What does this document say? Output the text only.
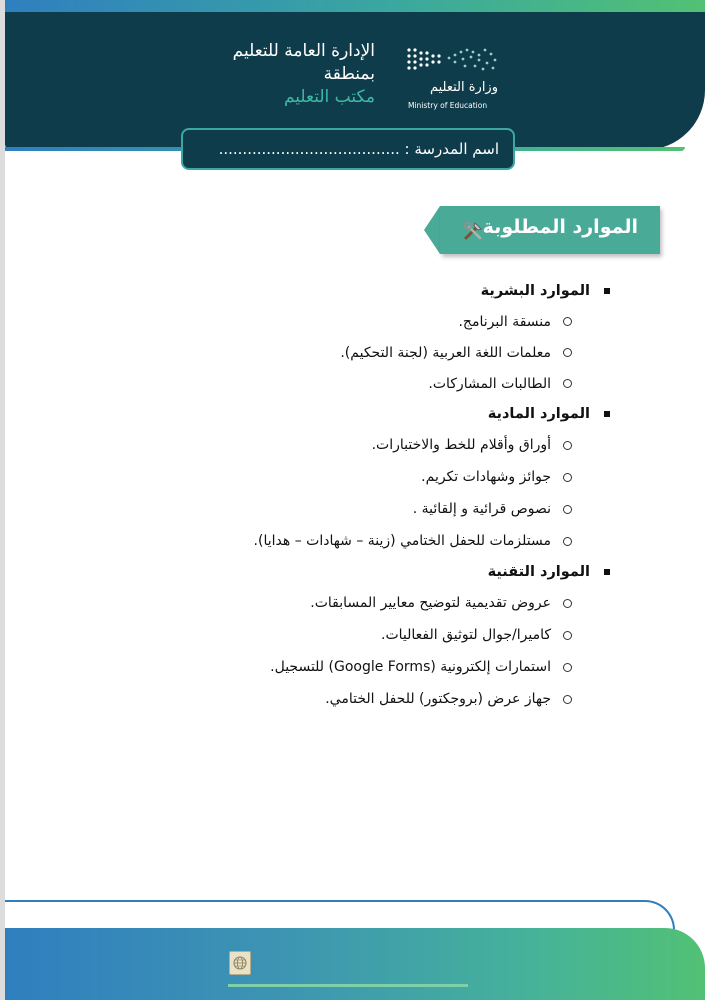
وزارة التعليم
Ministry of Education
الإدارة العامة للتعليم
بمنطقة
مكتب التعليم
اسم المدرسة : ......................................
الموارد المطلوبة
الموارد البشرية
منسقة البرنامج.
معلمات اللغة العربية (لجنة التحكيم).
الطالبات المشاركات.
الموارد المادية
أوراق وأقلام للخط والاختبارات.
جوائز وشهادات تكريم.
نصوص قرائية و إلقائية .
مستلزمات للحفل الختامي (زينة – شهادات – هدايا).
الموارد التقنية
عروض تقديمية لتوضيح معايير المسابقات.
كاميرا/جوال لتوثيق الفعاليات.
استمارات إلكترونية (Google Forms) للتسجيل.
جهاز عرض (بروجكتور) للحفل الختامي.
